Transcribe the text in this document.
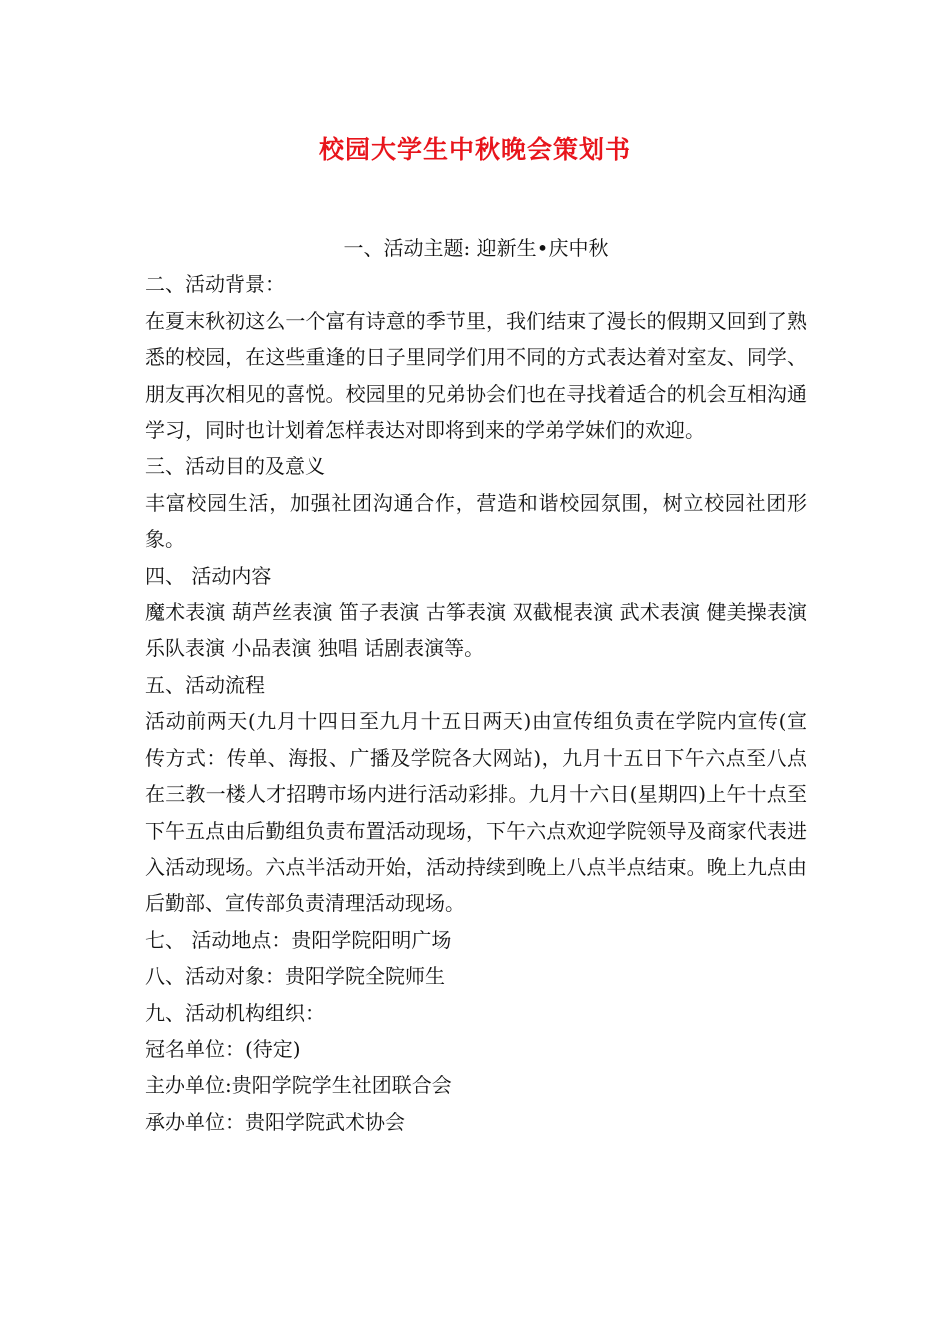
校园大学生中秋晚会策划书

一、活动主题: 迎新生•庆中秋

二、活动背景：

在夏末秋初这么一个富有诗意的季节里，我们结束了漫长的假期又回到了熟悉的校园，在这些重逢的日子里同学们用不同的方式表达着对室友、同学、朋友再次相见的喜悦。校园里的兄弟协会们也在寻找着适合的机会互相沟通学习，同时也计划着怎样表达对即将到来的学弟学妹们的欢迎。

三、活动目的及意义

丰富校园生活，加强社团沟通合作，营造和谐校园氛围，树立校园社团形象。

四、 活动内容

魔术表演 葫芦丝表演 笛子表演 古筝表演 双截棍表演 武术表演 健美操表演 乐队表演 小品表演 独唱 话剧表演等。

五、活动流程

活动前两天(九月十四日至九月十五日两天)由宣传组负责在学院内宣传(宣传方式：传单、海报、广播及学院各大网站)，九月十五日下午六点至八点在三教一楼人才招聘市场内进行活动彩排。九月十六日(星期四)上午十点至下午五点由后勤组负责布置活动现场，下午六点欢迎学院领导及商家代表进入活动现场。六点半活动开始，活动持续到晚上八点半点结束。晚上九点由后勤部、宣传部负责清理活动现场。

七、 活动地点：贵阳学院阳明广场

八、活动对象：贵阳学院全院师生

九、活动机构组织：

冠名单位：(待定)

主办单位:贵阳学院学生社团联合会

承办单位：贵阳学院武术协会
